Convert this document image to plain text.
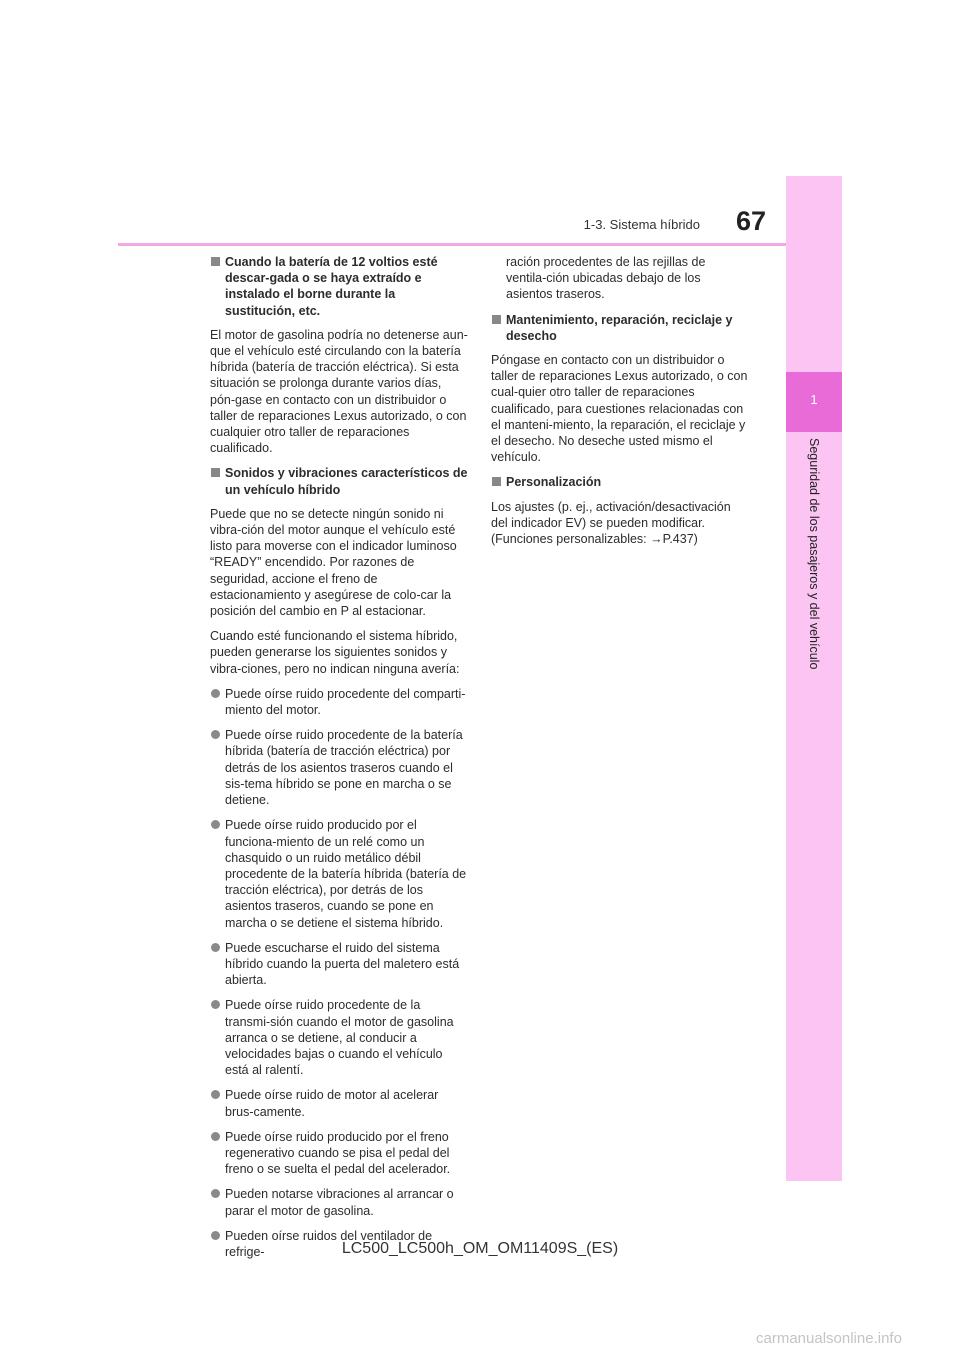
1-3. Sistema híbrido 67
1
Seguridad de los pasajeros y del vehículo
Cuando la batería de 12 voltios esté descar-gada o se haya extraído e instalado el borne durante la sustitución, etc.

El motor de gasolina podría no detenerse aun-que el vehículo esté circulando con la batería híbrida (batería de tracción eléctrica). Si esta situación se prolonga durante varios días, pón-gase en contacto con un distribuidor o taller de reparaciones Lexus autorizado, o con cualquier otro taller de reparaciones cualificado.

Sonidos y vibraciones característicos de un vehículo híbrido

Puede que no se detecte ningún sonido ni vibra-ción del motor aunque el vehículo esté listo para moverse con el indicador luminoso “READY” encendido. Por razones de seguridad, accione el freno de estacionamiento y asegúrese de colo-car la posición del cambio en P al estacionar.

Cuando esté funcionando el sistema híbrido, pueden generarse los siguientes sonidos y vibra-ciones, pero no indican ninguna avería:

Puede oírse ruido procedente del comparti-miento del motor.
Puede oírse ruido procedente de la batería híbrida (batería de tracción eléctrica) por detrás de los asientos traseros cuando el sis-tema híbrido se pone en marcha o se detiene.
Puede oírse ruido producido por el funciona-miento de un relé como un chasquido o un ruido metálico débil procedente de la batería híbrida (batería de tracción eléctrica), por detrás de los asientos traseros, cuando se pone en marcha o se detiene el sistema híbrido.
Puede escucharse el ruido del sistema híbrido cuando la puerta del maletero está abierta.
Puede oírse ruido procedente de la transmi-sión cuando el motor de gasolina arranca o se detiene, al conducir a velocidades bajas o cuando el vehículo está al ralentí.
Puede oírse ruido de motor al acelerar brus-camente.
Puede oírse ruido producido por el freno regenerativo cuando se pisa el pedal del freno o se suelta el pedal del acelerador.
Pueden notarse vibraciones al arrancar o parar el motor de gasolina.
Pueden oírse ruidos del ventilador de refrige-

ración procedentes de las rejillas de ventila-ción ubicadas debajo de los asientos traseros.

Mantenimiento, reparación, reciclaje y desecho

Póngase en contacto con un distribuidor o taller de reparaciones Lexus autorizado, o con cual-quier otro taller de reparaciones cualificado, para cuestiones relacionadas con el manteni-miento, la reparación, el reciclaje y el desecho. No deseche usted mismo el vehículo.

Personalización

Los ajustes (p. ej., activación/desactivación del indicador EV) se pueden modificar. (Funciones personalizables: →P.437)

LC500_LC500h_OM_OM11409S_(ES)
carmanualsonline.info
